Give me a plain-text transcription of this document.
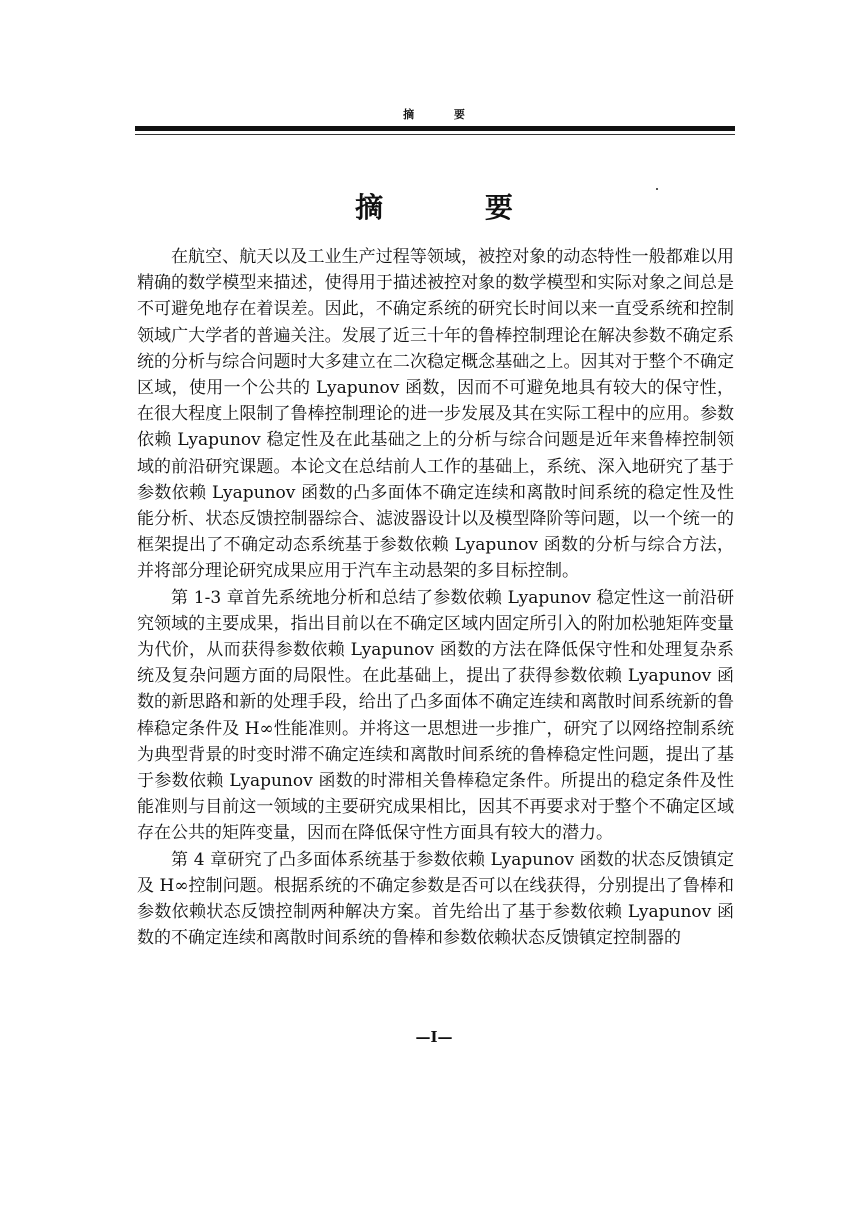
摘 要
摘 要

在航空、航天以及工业生产过程等领域，被控对象的动态特性一般都难以用精确的数学模型来描述，使得用于描述被控对象的数学模型和实际对象之间总是不可避免地存在着误差。因此，不确定系统的研究长时间以来一直受系统和控制领域广大学者的普遍关注。发展了近三十年的鲁棒控制理论在解决参数不确定系统的分析与综合问题时大多建立在二次稳定概念基础之上。因其对于整个不确定区域，使用一个公共的 Lyapunov 函数，因而不可避免地具有较大的保守性，在很大程度上限制了鲁棒控制理论的进一步发展及其在实际工程中的应用。参数依赖 Lyapunov 稳定性及在此基础之上的分析与综合问题是近年来鲁棒控制领域的前沿研究课题。本论文在总结前人工作的基础上，系统、深入地研究了基于参数依赖 Lyapunov 函数的凸多面体不确定连续和离散时间系统的稳定性及性能分析、状态反馈控制器综合、滤波器设计以及模型降阶等问题，以一个统一的框架提出了不确定动态系统基于参数依赖 Lyapunov 函数的分析与综合方法，并将部分理论研究成果应用于汽车主动悬架的多目标控制。

第 1-3 章首先系统地分析和总结了参数依赖 Lyapunov 稳定性这一前沿研究领域的主要成果，指出目前以在不确定区域内固定所引入的附加松驰矩阵变量为代价，从而获得参数依赖 Lyapunov 函数的方法在降低保守性和处理复杂系统及复杂问题方面的局限性。在此基础上，提出了获得参数依赖 Lyapunov 函数的新思路和新的处理手段，给出了凸多面体不确定连续和离散时间系统新的鲁棒稳定条件及 H∞性能准则。并将这一思想进一步推广，研究了以网络控制系统为典型背景的时变时滞不确定连续和离散时间系统的鲁棒稳定性问题，提出了基于参数依赖 Lyapunov 函数的时滞相关鲁棒稳定条件。所提出的稳定条件及性能准则与目前这一领域的主要研究成果相比，因其不再要求对于整个不确定区域存在公共的矩阵变量，因而在降低保守性方面具有较大的潜力。

第 4 章研究了凸多面体系统基于参数依赖 Lyapunov 函数的状态反馈镇定及 H∞控制问题。根据系统的不确定参数是否可以在线获得，分别提出了鲁棒和参数依赖状态反馈控制两种解决方案。首先给出了基于参数依赖 Lyapunov 函数的不确定连续和离散时间系统的鲁棒和参数依赖状态反馈镇定控制器的

—I—
